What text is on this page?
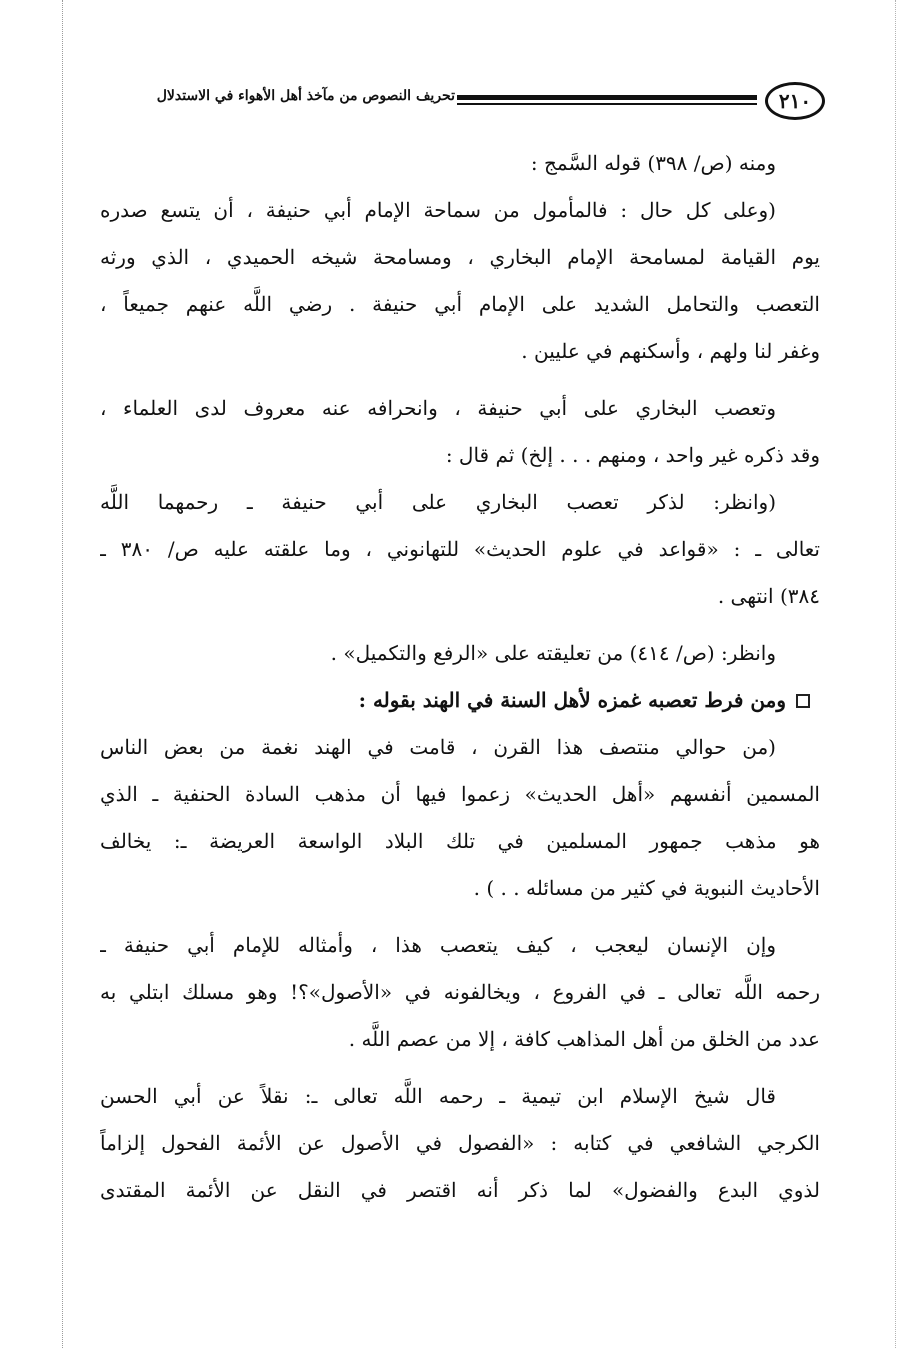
٢١٠
تحريف النصوص من مآخذ أهل الأهواء في الاستدلال
ومنه (ص/ ٣٩٨) قوله السَّمج :
(وعلى كل حال : فالمأمول من سماحة الإمام أبي حنيفة ، أن يتسع صدره
يوم القيامة لمسامحة الإمام البخاري ، ومسامحة شيخه الحميدي ، الذي ورثه
التعصب والتحامل الشديد على الإمام أبي حنيفة . رضي اللَّه عنهم جميعاً ،
وغفر لنا ولهم ، وأسكنهم في عليين .
وتعصب البخاري على أبي حنيفة ، وانحرافه عنه معروف لدى العلماء ،
وقد ذكره غير واحد ، ومنهم . . . إلخ) ثم قال :
(وانظر: لذكر تعصب البخاري على أبي حنيفة ـ رحمهما اللَّه
تعالى ـ : «قواعد في علوم الحديث» للتهانوني ، وما علقته عليه ص/ ٣٨٠ ـ
٣٨٤) انتهى .
وانظر: (ص/ ٤١٤) من تعليقته على «الرفع والتكميل» .
ومن فرط تعصبه غمزه لأهل السنة في الهند بقوله :
(من حوالي منتصف هذا القرن ، قامت في الهند نغمة من بعض الناس
المسمين أنفسهم «أهل الحديث» زعموا فيها أن مذهب السادة الحنفية ـ الذي
هو مذهب جمهور المسلمين في تلك البلاد الواسعة العريضة ـ: يخالف
الأحاديث النبوية في كثير من مسائله . . ) .
وإن الإنسان ليعجب ، كيف يتعصب هذا ، وأمثاله للإمام أبي حنيفة ـ
رحمه اللَّه تعالى ـ في الفروع ، ويخالفونه في «الأصول»؟! وهو مسلك ابتلي به
عدد من الخلق من أهل المذاهب كافة ، إلا من عصم اللَّه .
قال شيخ الإسلام ابن تيمية ـ رحمه اللَّه تعالى ـ: نقلاً عن أبي الحسن
الكرجي الشافعي في كتابه : «الفصول في الأصول عن الأئمة الفحول إلزاماً
لذوي البدع والفضول» لما ذكر أنه اقتصر في النقل عن الأئمة المقتدى
